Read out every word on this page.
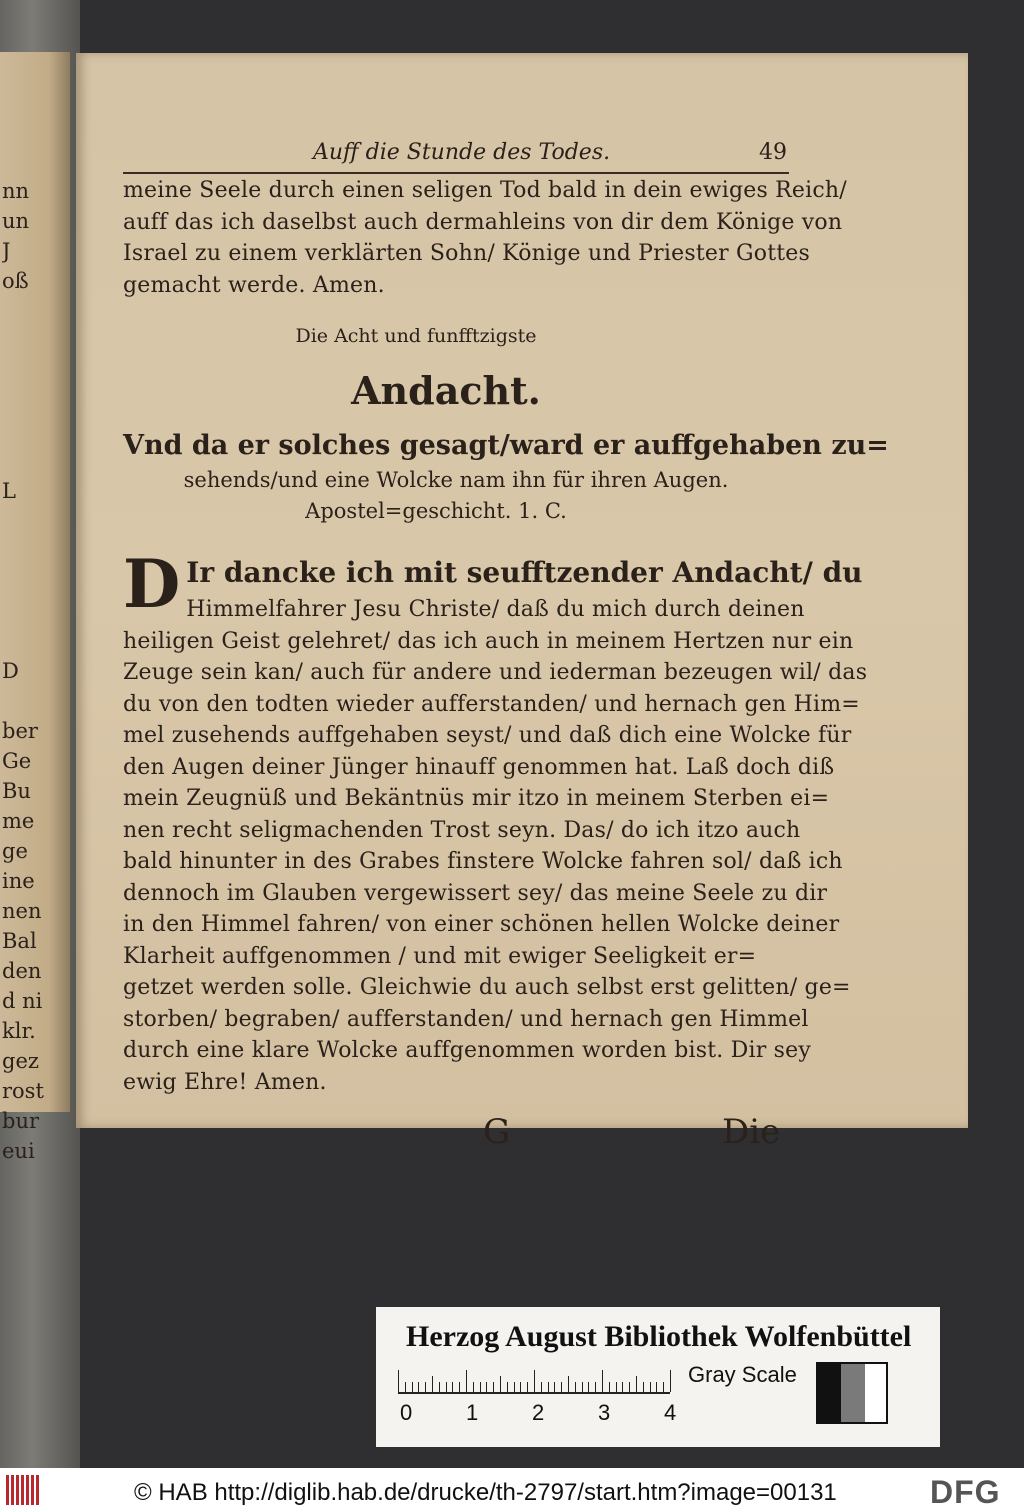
nn
un
J
oß
L
D
ber
Ge
Bu
me
ge
ine
nen
Bal
den
d ni
klr.
gez
rost
bur
eui
Auff die Stunde des Todes.	49
meine Seele durch einen seligen Tod bald in dein ewiges Reich/
auff das ich daselbst auch dermahleins von dir dem Könige von
Israel zu einem verklärten Sohn/ Könige und Priester Gottes
gemacht werde. Amen.
Die Acht und funfftzigste
Andacht.
Vnd da er solches gesagt/ward er auffgehaben zu=
sehends/und eine Wolcke nam ihn für ihren Augen.
Apostel=geschicht. 1. C.
D Ir dancke ich mit seufftzender Andacht/ du
Himmelfahrer Jesu Christe/ daß du mich durch deinen
heiligen Geist gelehret/ das ich auch in meinem Hertzen nur ein
Zeuge sein kan/ auch für andere und iederman bezeugen wil/ das
du von den todten wieder aufferstanden/ und hernach gen Him=
mel zusehends auffgehaben seyst/ und daß dich eine Wolcke für
den Augen deiner Jünger hinauff genommen hat. Laß doch diß
mein Zeugnüß und Bekäntnüs mir itzo in meinem Sterben ei=
nen recht seligmachenden Trost seyn. Das/ do ich itzo auch
bald hinunter in des Grabes finstere Wolcke fahren sol/ daß ich
dennoch im Glauben vergewissert sey/ das meine Seele zu dir
in den Himmel fahren/ von einer schönen hellen Wolcke deiner
Klarheit auffgenommen / und mit ewiger Seeligkeit er=
getzet werden solle. Gleichwie du auch selbst erst gelitten/ ge=
storben/ begraben/ aufferstanden/ und hernach gen Himmel
durch eine klare Wolcke auffgenommen worden bist. Dir sey
ewig Ehre! Amen.
G	Die
Herzog August Bibliothek Wolfenbüttel
0 1 2 3 4
Gray Scale
© HAB http://diglib.hab.de/drucke/th-2797/start.htm?image=00131	DFG
